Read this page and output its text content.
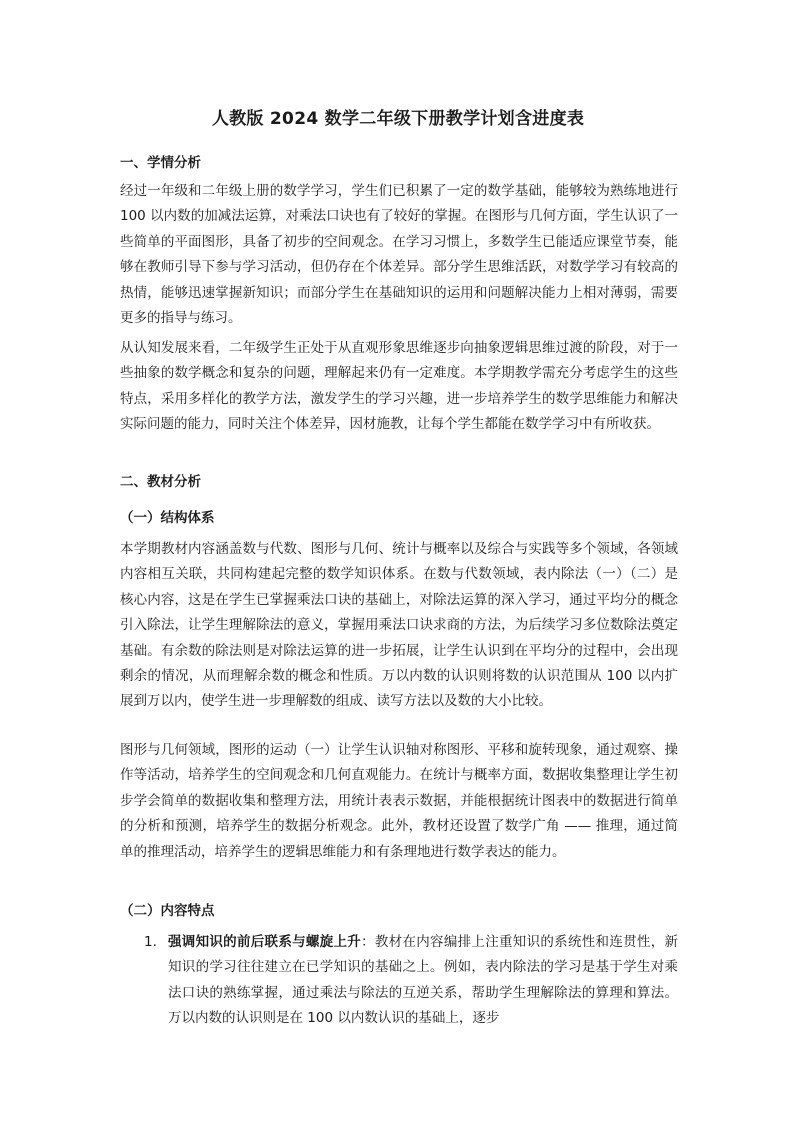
人教版 2024 数学二年级下册教学计划含进度表

一、学情分析

经过一年级和二年级上册的数学学习，学生们已积累了一定的数学基础，能够较为熟练地进行 100 以内数的加减法运算，对乘法口诀也有了较好的掌握。在图形与几何方面，学生认识了一些简单的平面图形，具备了初步的空间观念。在学习习惯上，多数学生已能适应课堂节奏，能够在教师引导下参与学习活动，但仍存在个体差异。部分学生思维活跃，对数学学习有较高的热情，能够迅速掌握新知识；而部分学生在基础知识的运用和问题解决能力上相对薄弱，需要更多的指导与练习。

从认知发展来看，二年级学生正处于从直观形象思维逐步向抽象逻辑思维过渡的阶段，对于一些抽象的数学概念和复杂的问题，理解起来仍有一定难度。本学期教学需充分考虑学生的这些特点，采用多样化的教学方法，激发学生的学习兴趣，进一步培养学生的数学思维能力和解决实际问题的能力，同时关注个体差异，因材施教，让每个学生都能在数学学习中有所收获。

二、教材分析

（一）结构体系

本学期教材内容涵盖数与代数、图形与几何、统计与概率以及综合与实践等多个领域，各领域内容相互关联，共同构建起完整的数学知识体系。在数与代数领域，表内除法（一）（二）是核心内容，这是在学生已掌握乘法口诀的基础上，对除法运算的深入学习，通过平均分的概念引入除法，让学生理解除法的意义，掌握用乘法口诀求商的方法，为后续学习多位数除法奠定基础。有余数的除法则是对除法运算的进一步拓展，让学生认识到在平均分的过程中，会出现剩余的情况，从而理解余数的概念和性质。万以内数的认识则将数的认识范围从 100 以内扩展到万以内，使学生进一步理解数的组成、读写方法以及数的大小比较。

图形与几何领域，图形的运动（一）让学生认识轴对称图形、平移和旋转现象，通过观察、操作等活动，培养学生的空间观念和几何直观能力。在统计与概率方面，数据收集整理让学生初步学会简单的数据收集和整理方法，用统计表表示数据，并能根据统计图表中的数据进行简单的分析和预测，培养学生的数据分析观念。此外，教材还设置了数学广角 —— 推理，通过简单的推理活动，培养学生的逻辑思维能力和有条理地进行数学表达的能力。

（二）内容特点

1. 强调知识的前后联系与螺旋上升：教材在内容编排上注重知识的系统性和连贯性，新知识的学习往往建立在已学知识的基础之上。例如，表内除法的学习是基于学生对乘法口诀的熟练掌握，通过乘法与除法的互逆关系，帮助学生理解除法的算理和算法。万以内数的认识则是在 100 以内数认识的基础上，逐步
